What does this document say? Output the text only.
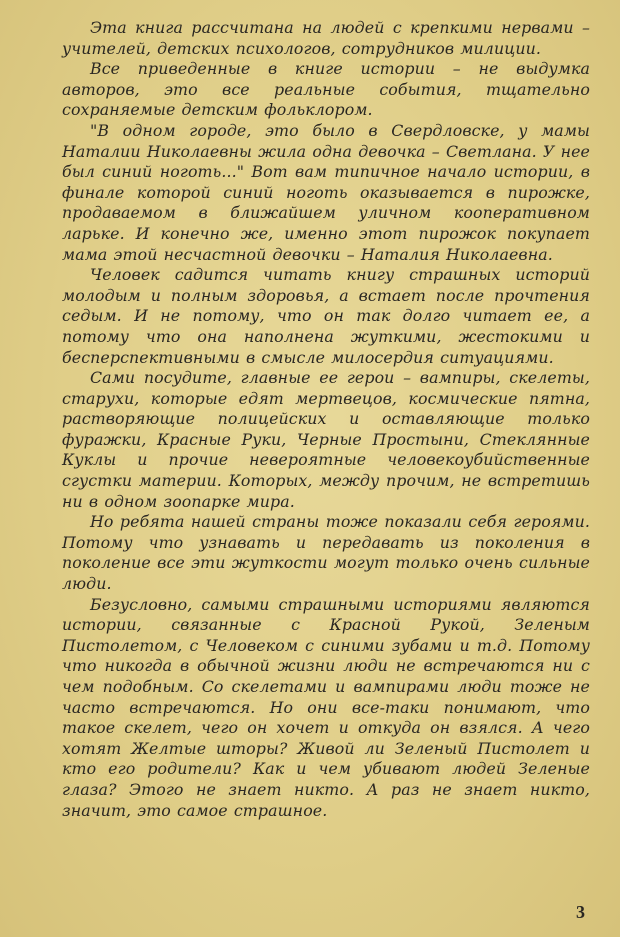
Эта книга рассчитана на людей с крепкими нервами – учителей, детских психологов, сотрудников милиции.

Все приведенные в книге истории – не выдумка авторов, это все реальные события, тщательно сохраняемые детским фольклором.

"В одном городе, это было в Свердловске, у мамы Наталии Николаевны жила одна девочка – Светлана. У нее был синий ноготь..." Вот вам типичное начало истории, в финале которой синий ноготь оказывается в пирожке, продаваемом в ближайшем уличном кооперативном ларьке. И конечно же, именно этот пирожок покупает мама этой несчастной девочки – Наталия Николаевна.

Человек садится читать книгу страшных историй молодым и полным здоровья, а встает после прочтения седым. И не потому, что он так долго читает ее, а потому что она наполнена жуткими, жестокими и бесперспективными в смысле милосердия ситуациями.

Сами посудите, главные ее герои – вампиры, скелеты, старухи, которые едят мертвецов, космические пятна, растворяющие полицейских и оставляющие только фуражки, Красные Руки, Черные Простыни, Стеклянные Куклы и прочие невероятные человекоубийственные сгустки материи. Которых, между прочим, не встретишь ни в одном зоопарке мира.

Но ребята нашей страны тоже показали себя героями. Потому что узнавать и передавать из поколения в поколение все эти жуткости могут только очень сильные люди.

Безусловно, самыми страшными историями являются истории, связанные с Красной Рукой, Зеленым Пистолетом, с Человеком с синими зубами и т.д. Потому что никогда в обычной жизни люди не встречаются ни с чем подобным. Со скелетами и вампирами люди тоже не часто встречаются. Но они все-таки понимают, что такое скелет, чего он хочет и откуда он взялся. А чего хотят Желтые шторы? Живой ли Зеленый Пистолет и кто его родители? Как и чем убивают людей Зеленые глаза? Этого не знает никто. А раз не знает никто, значит, это самое страшное.

3
